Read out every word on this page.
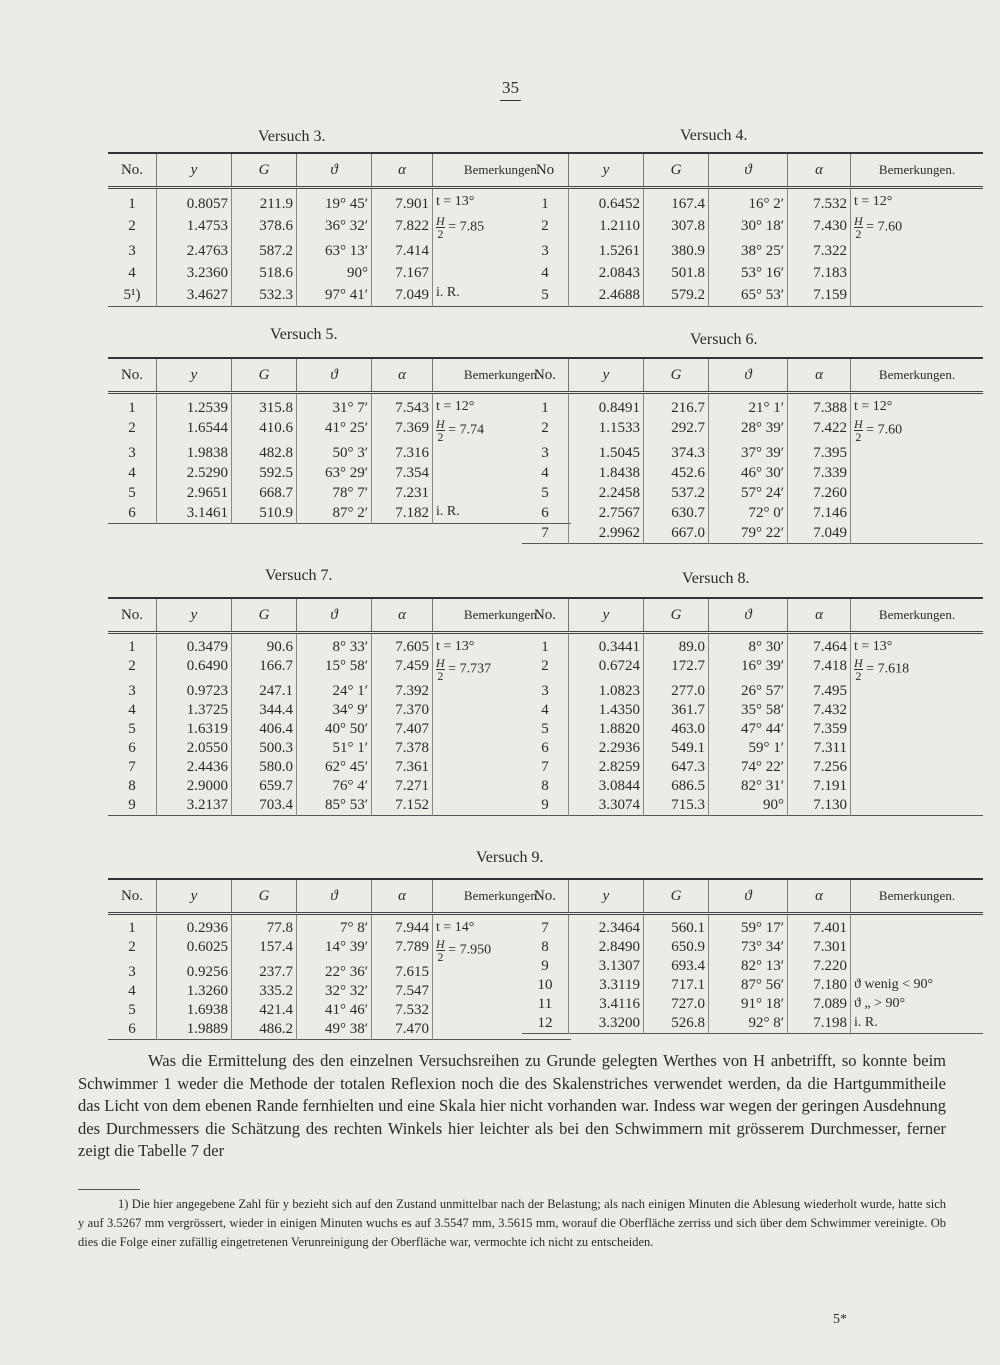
35
Versuch 3.	Versuch 4.
No.	y	G	ϑ	α	Bemerkungen.
1	0.8057	211.9	19° 45′	7.901	t = 13°
2	1.4753	378.6	36° 32′	7.822	$\frac{H}{2} = 7.85$
3	2.4763	587.2	63° 13′	7.414	
4	3.2360	518.6	90°	7.167	
5¹)	3.4627	532.3	97° 41′	7.049	i. R.
No	y	G	ϑ	α	Bemerkungen.
1	0.6452	167.4	16° 2′	7.532	t = 12°
2	1.2110	307.8	30° 18′	7.430	$\frac{H}{2} = 7.60$
3	1.5261	380.9	38° 25′	7.322	
4	2.0843	501.8	53° 16′	7.183	
5	2.4688	579.2	65° 53′	7.159	
Versuch 5.	Versuch 6.
No.	y	G	ϑ	α	Bemerkungen.
1	1.2539	315.8	31° 7′	7.543	t = 12°
2	1.6544	410.6	41° 25′	7.369	$\frac{H}{2} = 7.74$
3	1.9838	482.8	50° 3′	7.316	
4	2.5290	592.5	63° 29′	7.354	
5	2.9651	668.7	78° 7′	7.231	
6	3.1461	510.9	87° 2′	7.182	i. R.
No.	y	G	ϑ	α	Bemerkungen.
1	0.8491	216.7	21° 1′	7.388	t = 12°
2	1.1533	292.7	28° 39′	7.422	$\frac{H}{2} = 7.60$
3	1.5045	374.3	37° 39′	7.395	
4	1.8438	452.6	46° 30′	7.339	
5	2.2458	537.2	57° 24′	7.260	
6	2.7567	630.7	72° 0′	7.146	
7	2.9962	667.0	79° 22′	7.049	
Versuch 7.	Versuch 8.
No.	y	G	ϑ	α	Bemerkungen.
1	0.3479	90.6	8° 33′	7.605	t = 13°
2	0.6490	166.7	15° 58′	7.459	$\frac{H}{2} = 7.737$
3	0.9723	247.1	24° 1′	7.392	
4	1.3725	344.4	34° 9′	7.370	
5	1.6319	406.4	40° 50′	7.407	
6	2.0550	500.3	51° 1′	7.378	
7	2.4436	580.0	62° 45′	7.361	
8	2.9000	659.7	76° 4′	7.271	
9	3.2137	703.4	85° 53′	7.152	
No.	y	G	ϑ	α	Bemerkungen.
1	0.3441	89.0	8° 30′	7.464	t = 13°
2	0.6724	172.7	16° 39′	7.418	$\frac{H}{2} = 7.618$
3	1.0823	277.0	26° 57′	7.495	
4	1.4350	361.7	35° 58′	7.432	
5	1.8820	463.0	47° 44′	7.359	
6	2.2936	549.1	59° 1′	7.311	
7	2.8259	647.3	74° 22′	7.256	
8	3.0844	686.5	82° 31′	7.191	
9	3.3074	715.3	90°	7.130	
Versuch 9.
No.	y	G	ϑ	α	Bemerkungen.
1	0.2936	77.8	7° 8′	7.944	t = 14°
2	0.6025	157.4	14° 39′	7.789	$\frac{H}{2} = 7.950$
3	0.9256	237.7	22° 36′	7.615	
4	1.3260	335.2	32° 32′	7.547	
5	1.6938	421.4	41° 46′	7.532	
6	1.9889	486.2	49° 38′	7.470	
No.	y	G	ϑ	α	Bemerkungen.
7	2.3464	560.1	59° 17′	7.401	
8	2.8490	650.9	73° 34′	7.301	
9	3.1307	693.4	82° 13′	7.220	
10	3.3119	717.1	87° 56′	7.180	ϑ wenig < 90°
11	3.4116	727.0	91° 18′	7.089	ϑ „ > 90°
12	3.3200	526.8	92° 8′	7.198	i. R.

Was die Ermittelung des den einzelnen Versuchsreihen zu Grunde gelegten Werthes von H anbetrifft, so konnte beim Schwimmer 1 weder die Methode der totalen Reflexion noch die des Skalenstriches verwendet werden, da die Hartgummitheile das Licht von dem ebenen Rande fernhielten und eine Skala hier nicht vorhanden war. Indess war wegen der geringen Ausdehnung des Durchmessers die Schätzung des rechten Winkels hier leichter als bei den Schwimmern mit grösserem Durchmesser, ferner zeigt die Tabelle 7 der

1) Die hier angegebene Zahl für y bezieht sich auf den Zustand unmittelbar nach der Belastung; als nach einigen Minuten die Ablesung wiederholt wurde, hatte sich y auf 3.5267 mm vergrössert, wieder in einigen Minuten wuchs es auf 3.5547 mm, 3.5615 mm, worauf die Oberfläche zerriss und sich über dem Schwimmer vereinigte. Ob dies die Folge einer zufällig eingetretenen Verunreinigung der Oberfläche war, vermochte ich nicht zu entscheiden.

5*
